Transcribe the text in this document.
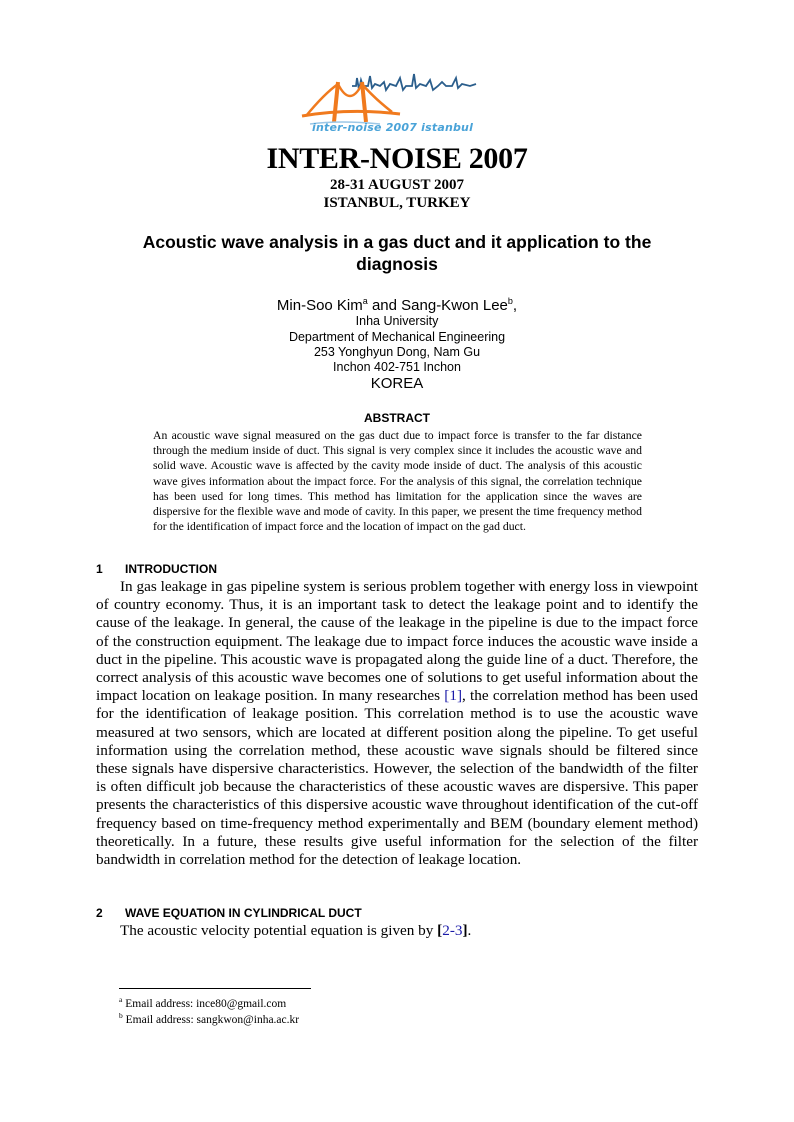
inter-noise 2007 istanbul
INTER-NOISE 2007
28-31 AUGUST 2007
ISTANBUL, TURKEY
Acoustic wave analysis in a gas duct and it application to the diagnosis
Min-Soo Kim$^a$ and Sang-Kwon Lee$^b$,
Inha University
Department of Mechanical Engineering
253 Yonghyun Dong, Nam Gu
Inchon 402-751 Inchon
KOREA
ABSTRACT
An acoustic wave signal measured on the gas duct due to impact force is transfer to the far distance through the medium inside of duct. This signal is very complex since it includes the acoustic wave and solid wave. Acoustic wave is affected by the cavity mode inside of duct. The analysis of this acoustic wave gives information about the impact force. For the analysis of this signal, the correlation technique has been used for long times. This method has limitation for the application since the waves are dispersive for the flexible wave and mode of cavity. In this paper, we present the time frequency method for the identification of impact force and the location of impact on the gad duct.
1 INTRODUCTION

In gas leakage in gas pipeline system is serious problem together with energy loss in viewpoint of country economy. Thus, it is an important task to detect the leakage point and to identify the cause of the leakage. In general, the cause of the leakage in the pipeline is due to the impact force of the construction equipment. The leakage due to impact force induces the acoustic wave inside a duct in the pipeline. This acoustic wave is propagated along the guide line of a duct. Therefore, the correct analysis of this acoustic wave becomes one of solutions to get useful information about the impact location on leakage position. In many researches [1], the correlation method has been used for the identification of leakage position. This correlation method is to use the acoustic wave measured at two sensors, which are located at different position along the pipeline. To get useful information using the correlation method, these acoustic wave signals should be filtered since these signals have dispersive characteristics. However, the selection of the bandwidth of the filter is often difficult job because the characteristics of these acoustic waves are dispersive. This paper presents the characteristics of this dispersive acoustic wave throughout identification of the cut-off frequency based on time-frequency method experimentally and BEM (boundary element method) theoretically. In a future, these results give useful information for the selection of the filter bandwidth in correlation method for the detection of leakage location.

2 WAVE EQUATION IN CYLINDRICAL DUCT

The acoustic velocity potential equation is given by [2-3].

$^a$ Email address: ince80@gmail.com
$^b$ Email address: sangkwon@inha.ac.kr
